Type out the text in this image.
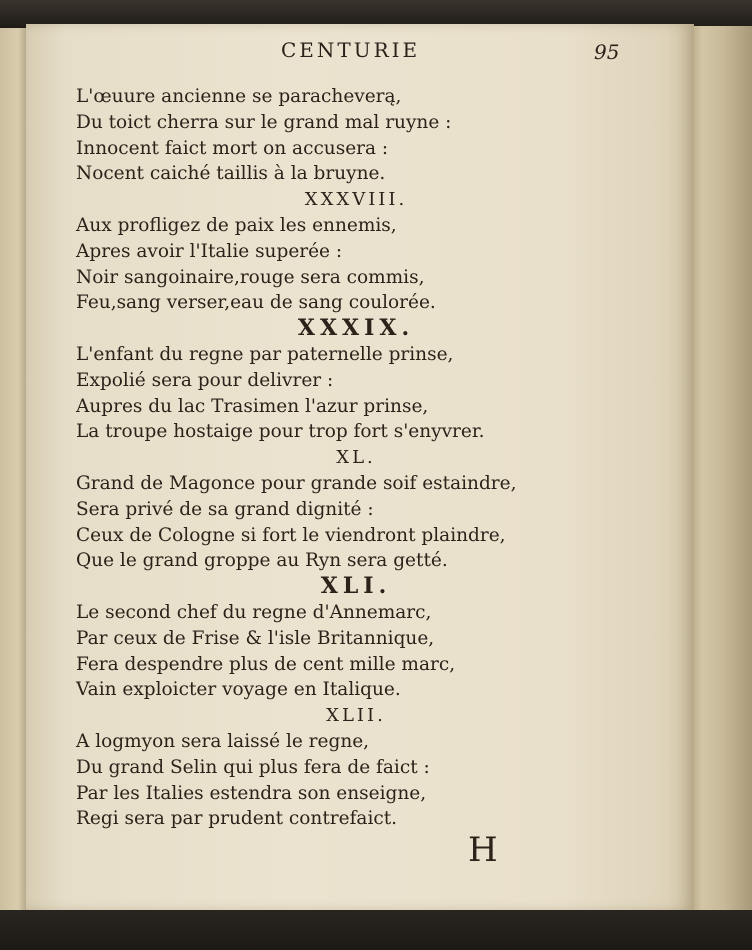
CENTURIE	95
L'œuure ancienne se paracheverą,
Du toict cherra sur le grand mal ruyne :
Innocent faict mort on accusera :
Nocent caiché taillis à la bruyne.
XXXVIII.
Aux profligez de paix les ennemis,
Apres avoir l'Italie superée :
Noir sangoinaire,rouge sera commis,
Feu,sang verser,eau de sang coulorée.
XXXIX.
L'enfant du regne par paternelle prinse,
Expolié sera pour delivrer :
Aupres du lac Trasimen l'azur prinse,
La troupe hostaige pour trop fort s'enyvrer.
XL.
Grand de Magonce pour grande soif estaindre,
Sera privé de sa grand dignité :
Ceux de Cologne si fort le viendront plaindre,
Que le grand groppe au Ryn sera getté.
XLI.
Le second chef du regne d'Annemarc,
Par ceux de Frise & l'isle Britannique,
Fera despendre plus de cent mille marc,
Vain exploicter voyage en Italique.
XLII.
A logmyon sera laissé le regne,
Du grand Selin qui plus fera de faict :
Par les Italies estendra son enseigne,
Regi sera par prudent contrefaict.
H
